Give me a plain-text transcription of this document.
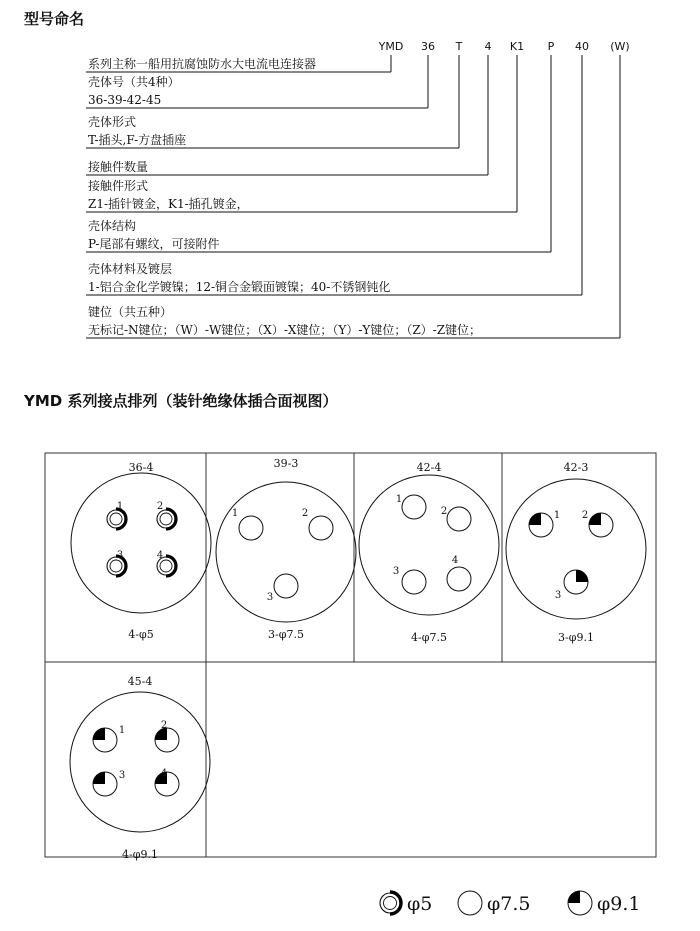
型号命名
YMD 36 T 4 K1 P 40 (W)
系列主称一船用抗腐蚀防水大电流电连接器
壳体号（共4种）
36-39-42-45
壳体形式
T-插头,F-方盘插座
接触件数量
接触件形式
Z1-插针镀金，K1-插孔镀金，
壳体结构
P-尾部有螺纹，可接附件
壳体材料及镀层
1-铝合金化学镀镍；12-铜合金锻面镀镍；40-不锈钢钝化
键位（共五种）
无标记-N键位；（W）-W键位；（X）-X键位；（Y）-Y键位；（Z）-Z键位；
YMD 系列接点排列（装针绝缘体插合面视图）
36-4
1	2
3	4
4-φ5
39-3
1	2
3
3-φ7.5
42-4
1
2
3
4
4-φ7.5
42-3
1 2
3
3-φ9.1
45-4
1	2
3	4
4-φ9.1
φ5	φ7.5	φ9.1
